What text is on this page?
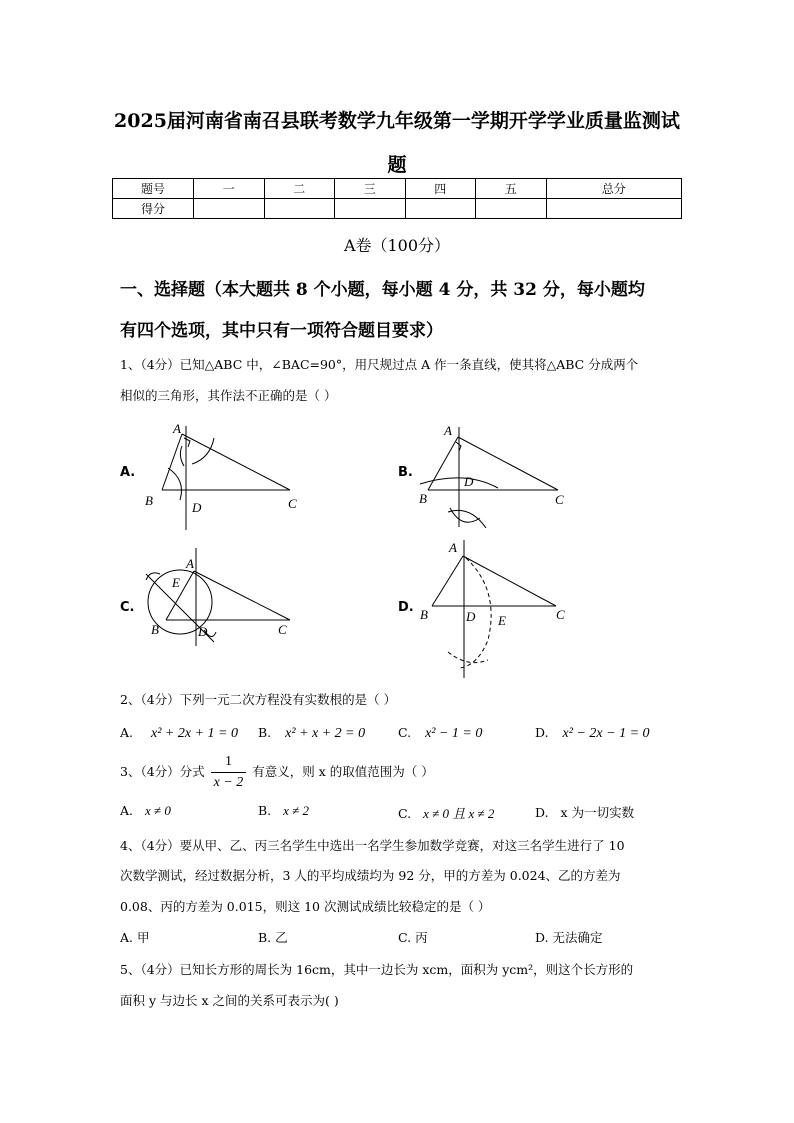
2025届河南省南召县联考数学九年级第一学期开学学业质量监测试
题
题号	一	二	三	四	五	总分
得分						
A卷（100分）
一、选择题（本大题共 8 个小题，每小题 4 分，共 32 分，每小题均
有四个选项，其中只有一项符合题目要求）
1、（4分）已知△ABC 中，∠BAC=90°，用尺规过点 A 作一条直线，使其将△ABC 分成两个
相似的三角形，其作法不正确的是（ ）
A.	B.
C.	D.
A
B	D	C
A
B
D
C
A
E
B	D	C
A
B	D E	C
2、（4分）下列一元二次方程没有实数根的是（ ）
A. x² + 2x + 1 = 0 B. x² + x + 2 = 0	C. x² − 1 = 0	D. x² − 2x − 1 = 0
3、（4分）分式 $\frac{1}{x - 2}$ 有意义，则 x 的取值范围为（ ）
A. x ≠ 0	B. x ≠ 2	C. x ≠ 0 且 x ≠ 2	D. x 为一切实数
4、（4分）要从甲、乙、丙三名学生中选出一名学生参加数学竞赛，对这三名学生进行了 10
次数学测试，经过数据分析，3 人的平均成绩均为 92 分，甲的方差为 0.024、乙的方差为
0.08、丙的方差为 0.015，则这 10 次测试成绩比较稳定的是（ ）
A. 甲	B. 乙	C. 丙	D. 无法确定
5、（4分）已知长方形的周长为 16cm，其中一边长为 xcm，面积为 ycm²，则这个长方形的
面积 y 与边长 x 之间的关系可表示为( )
